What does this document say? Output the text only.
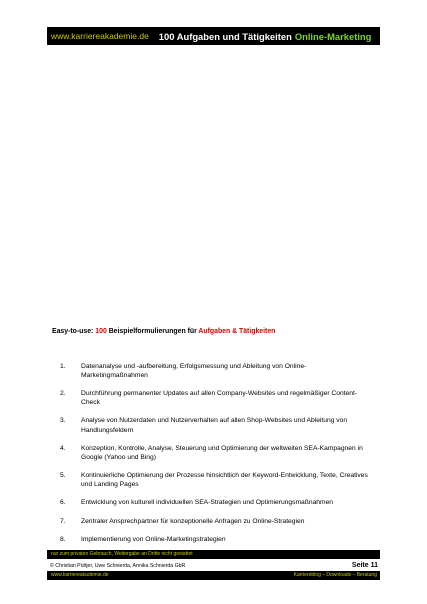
www.karriereakademie.de 100 Aufgaben und Tätigkeiten Online-Marketing
Easy-to-use: 100 Beispielformulierungen für Aufgaben & Tätigkeiten
1.	Datenanalyse und -aufbereitung, Erfolgsmessung und Ableitung von Online-Marketingmaßnahmen
2.	Durchführung permanenter Updates auf allen Company-Websites und regelmäßiger Content-Check
3.	Analyse von Nutzerdaten und Nutzerverhalten auf allen Shop-Websites und Ableitung von Handlungsfeldern
4.	Konzeption, Kontrolle, Analyse, Steuerung und Optimierung der weltweiten SEA-Kampagnen in Google (Yahoo und Bing)
5.	Kontinuierliche Optimierung der Prozesse hinsichtlich der Keyword-Entwicklung, Texte, Creatives und Landing Pages
6.	Entwicklung von kulturell individuellen SEA-Strategien und Optimierungsmaßnahmen
7.	Zentraler Ansprechpartner für konzeptionelle Anfragen zu Online-Strategien
8.	Implementierung von Online-Marketingstrategien
nur zum privaten Gebrauch, Weitergabe an Dritte nicht gestattet
© Christian Püttjer, Uwe Schnierda, Annika Schnierda GbR	Seite 11
www.karriereakademie.de	Karriereblog – Downloads – Beratung
